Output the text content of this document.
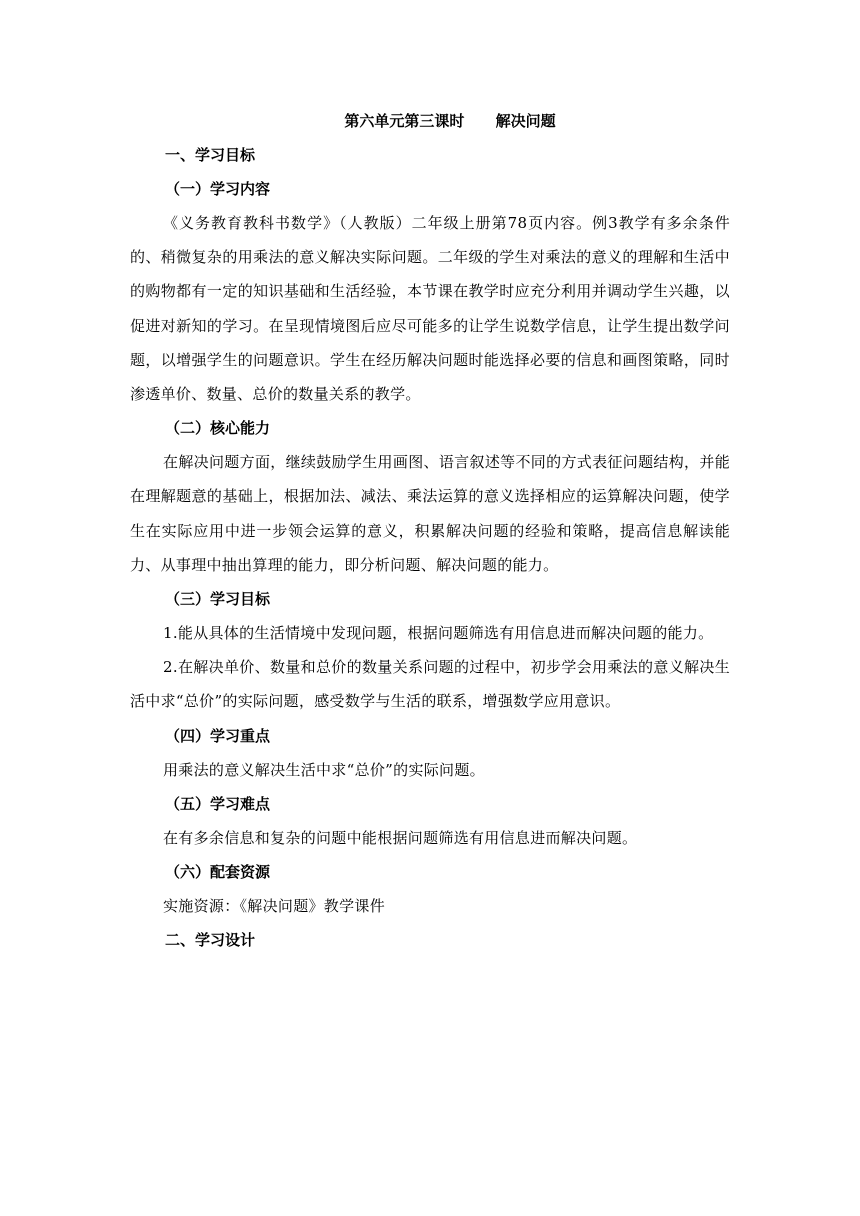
第六单元第三课时      解决问题
一、学习目标
（一）学习内容

《义务教育教科书数学》（人教版）二年级上册第78页内容。例3教学有多余条件的、稍微复杂的用乘法的意义解决实际问题。二年级的学生对乘法的意义的理解和生活中的购物都有一定的知识基础和生活经验，本节课在教学时应充分利用并调动学生兴趣，以促进对新知的学习。在呈现情境图后应尽可能多的让学生说数学信息，让学生提出数学问题，以增强学生的问题意识。学生在经历解决问题时能选择必要的信息和画图策略，同时渗透单价、数量、总价的数量关系的教学。

（二）核心能力

在解决问题方面，继续鼓励学生用画图、语言叙述等不同的方式表征问题结构，并能在理解题意的基础上，根据加法、减法、乘法运算的意义选择相应的运算解决问题，使学生在实际应用中进一步领会运算的意义，积累解决问题的经验和策略，提高信息解读能力、从事理中抽出算理的能力，即分析问题、解决问题的能力。

（三）学习目标

1.能从具体的生活情境中发现问题，根据问题筛选有用信息进而解决问题的能力。

2.在解决单价、数量和总价的数量关系问题的过程中，初步学会用乘法的意义解决生活中求“总价”的实际问题，感受数学与生活的联系，增强数学应用意识。

（四）学习重点

用乘法的意义解决生活中求“总价”的实际问题。

（五）学习难点

在有多余信息和复杂的问题中能根据问题筛选有用信息进而解决问题。

（六）配套资源

实施资源：《解决问题》教学课件

二、学习设计
